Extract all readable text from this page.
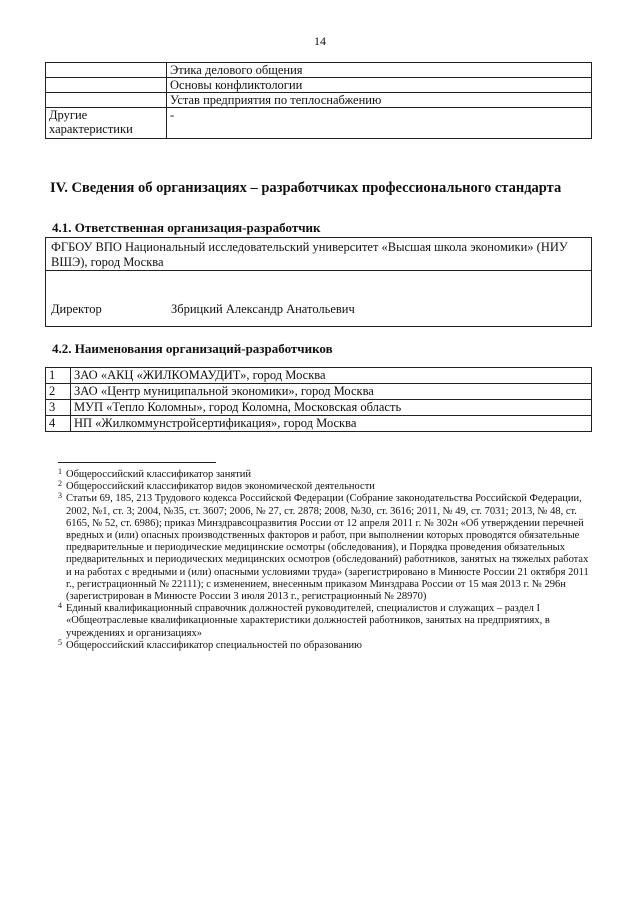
14
	Этика делового общения
	Основы конфликтологии
	Устав предприятия по теплоснабжению
Другие характеристики	-
IV. Сведения об организациях – разработчиках профессионального стандарта
4.1. Ответственная организация-разработчик
ФГБОУ ВПО Национальный исследовательский университет «Высшая школа экономики» (НИУ ВШЭ), город Москва
Директор	Збрицкий Александр Анатольевич
4.2. Наименования организаций-разработчиков
1	ЗАО «АКЦ «ЖИЛКОМАУДИТ», город Москва
2	ЗАО «Центр муниципальной экономики», город Москва
3	МУП «Тепло Коломны», город Коломна, Московская область
4	НП «Жилкоммунстройсертификация», город Москва

1 Общероссийский классификатор занятий

2 Общероссийский классификатор видов экономической деятельности

3 Статьи 69, 185, 213 Трудового кодекса Российской Федерации (Собрание законодательства Российской Федерации, 2002, №1, ст. 3; 2004, №35, ст. 3607; 2006, № 27, ст. 2878; 2008, №30, ст. 3616; 2011, № 49, ст. 7031; 2013, № 48, ст. 6165, № 52, ст. 6986); приказ Минздравсоцразвития России от 12 апреля 2011 г. № 302н «Об утверждении перечней вредных и (или) опасных производственных факторов и работ, при выполнении которых проводятся обязательные предварительные и периодические медицинские осмотры (обследования), и Порядка проведения обязательных предварительных и периодических медицинских осмотров (обследований) работников, занятых на тяжелых работах и на работах с вредными и (или) опасными условиями труда» (зарегистрировано в Минюсте России 21 октября 2011 г., регистрационный № 22111); с изменением, внесенным приказом Минздрава России от 15 мая 2013 г. № 296н (зарегистрирован в Минюсте России 3 июля 2013 г., регистрационный № 28970)

4 Единый квалификационный справочник должностей руководителей, специалистов и служащих – раздел I «Общеотраслевые квалификационные характеристики должностей работников, занятых на предприятиях, в учреждениях и организациях»

5 Общероссийский классификатор специальностей по образованию
